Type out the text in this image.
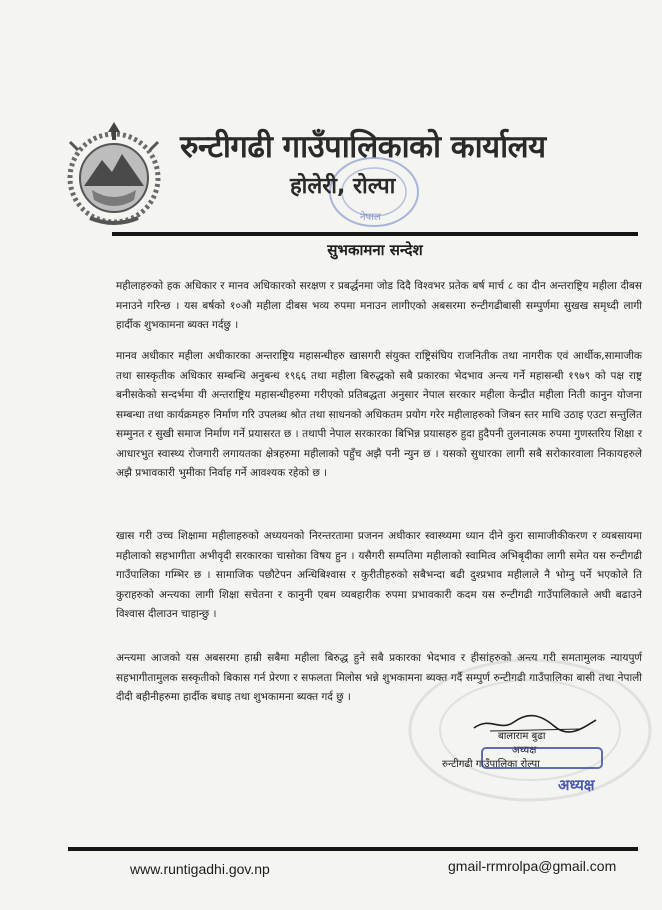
रुन्टीगढी गाउँपालिकाको कार्यालय
नेपाल
होलेरी, रोल्पा
सुभकामना सन्देश

महीलाहरुको हक अधिकार र मानव अधिकारको सरक्षण र प्रबर्द्धनमा जोड दिदै विश्वभर प्रतेक बर्ष मार्च ८ का दीन अन्तराष्ट्रिय महीला दीबस मनाउने गरिन्छ । यस बर्षको १०औ महीला दीबस भव्य रुपमा मनाउन लागीएको अबसरमा रुन्टीगढीबासी सम्पुर्णमा सुखख समृध्दी लागी हार्दीक शुभकामना ब्यक्त गर्दछु ।

मानव अधीकार महीला अधीकारका अन्तराष्ट्रिय महासन्धीहरु खासगरी संयुक्त राष्ट्रिसंघिय राजनितीक तथा नागरीक एवं आर्थीक,सामाजीक तथा सास्कृतीक अधिकार सम्बन्धि अनुबन्ध १९६६ तथा महीला बिरुद्धको सबै प्रकारका भेदभाव अन्त्य गर्ने महासन्धी १९७९ को पक्ष राष्ट्र बनीसकेको सन्दर्भमा यी अन्तराष्ट्रिय महासन्धीहरुमा गरीएको प्रतिबद्धता अनुसार नेपाल सरकार महीला केन्द्रीत महीला निती कानुन योजना सम्बन्धा तथा कार्यक्रमहरु निर्माण गरि उपलब्ध श्रोत तथा साधनको अधिकतम प्रयोग गरेर महीलाहरुको जिबन स्तर माथि उठाइ एउटा सन्तुलित सम्मुनत र सुखी समाज निर्माण गर्ने प्रयासरत छ । तथापी नेपाल सरकारका बिभिन्न प्रयासहरु हुदा हुदैपनी तुलनात्मक रुपमा गुणस्तरिय शिक्षा र आधारभुत स्वास्थ्य रोजगारी लगायतका क्षेत्रहरुमा महीलाको पहुँच अझै पनी न्युन छ । यसको सुधारका लागी सबै सरोकारवाला निकायहरुले अझै प्रभावकारी भुमीका निर्वाह गर्ने आवश्यक रहेको छ ।

खास गरी उच्च शिक्षामा महीलाहरुको अध्ययनको निरन्तरतामा प्रजनन अधीकार स्वास्थ्यमा ध्यान दीने कुरा सामाजीकीकरण र व्यबसायमा महीलाको सहभागीता अभीवृदी सरकारका चासोका विषय हुन । यसैगरी सम्पतिमा महीलाको स्वामित्व अभिबृदीका लागी समेत यस रुन्टीगढी गाउँपालिका गम्भिर छ । सामाजिक पछौटेपन अन्धिबिश्वास र कुरीतीहरुको सबैभन्दा बढी दुश्प्रभाव महीलाले नै भोग्नु पर्ने भएकोले ति कुराहरुको अन्त्यका लागी शिक्षा सचेतना र कानुनी एबम व्यबहारीक रुपमा प्रभावकारी कदम यस रुन्टीगढी गाउँपालिकाले अघी बढाउने विश्वास दीलाउन चाहान्छु ।

अन्त्यमा आजको यस अबसरमा हाम्री सबैमा महीला बिरुद्ध हुने सबै प्रकारका भेदभाव र हीसांहरुको अन्त्य गरी समतामुलक न्यायपुर्ण सहभागीतामुलक सस्कृतीको बिकास गर्न प्रेरणा र सफलता मिलोस भन्ने शुभकामना ब्यक्त गर्दै सम्पुर्ण रुन्टीगढी गाउँपालिका बासी तथा नेपाली दीदी बहीनीहरुमा हार्दीक बधाइ तथा शुभकामना ब्यक्त गर्द छु ।

बालाराम बुढा
अध्यक्ष
रुन्टीगढी गाउँपालिका रोल्पा
अध्यक्ष
www.runtigadhi.gov.np	gmail-rrmrolpa@gmail.com
